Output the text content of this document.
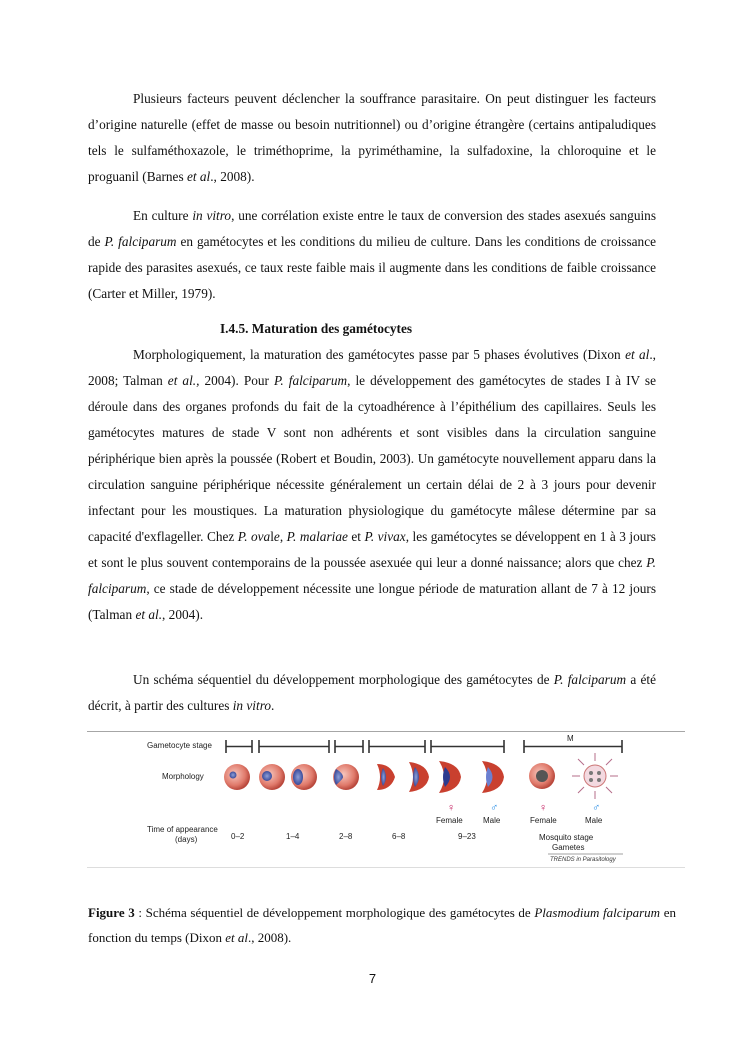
Plusieurs facteurs peuvent déclencher la souffrance parasitaire. On peut distinguer les facteurs d’origine naturelle (effet de masse ou besoin nutritionnel) ou d’origine étrangère (certains antipaludiques tels le sulfaméthoxazole, le triméthoprime, la pyriméthamine, la sulfadoxine, la chloroquine et le proguanil (Barnes et al., 2008).

En culture in vitro, une corrélation existe entre le taux de conversion des stades asexués sanguins de P. falciparum en gamétocytes et les conditions du milieu de culture. Dans les conditions de croissance rapide des parasites asexués, ce taux reste faible mais il augmente dans les conditions de faible croissance (Carter et Miller, 1979).

I.4.5. Maturation des gamétocytes

Morphologiquement, la maturation des gamétocytes passe par 5 phases évolutives (Dixon et al., 2008; Talman et al., 2004). Pour P. falciparum, le développement des gamétocytes de stades I à IV se déroule dans des organes profonds du fait de la cytoadhérence à l’épithélium des capillaires. Seuls les gamétocytes matures de stade V sont non adhérents et sont visibles dans la circulation sanguine périphérique bien après la poussée (Robert et Boudin, 2003). Un gamétocyte nouvellement apparu dans la circulation sanguine périphérique nécessite généralement un certain délai de 2 à 3 jours pour devenir infectant pour les moustiques. La maturation physiologique du gamétocyte mâlese détermine par sa capacité d'exflageller. Chez P. ovale, P. malariae et P. vivax, les gamétocytes se développent en 1 à 3 jours et sont le plus souvent contemporains de la poussée asexuée qui leur a donné naissance; alors que chez P. falciparum, ce stade de développement nécessite une longue période de maturation allant de 7 à 12 jours (Talman et al., 2004).

Un schéma séquentiel du développement morphologique des gamétocytes de P. falciparum a été décrit, à partir des cultures in vitro.

Gametocyte stage
Morphology
Time of appearance
(days)
M
♀	♂	♀	♂
Female	Male	Female	Male
0–2	1–4	2–8	6–8	9–23	Mosquito stage
Gametes
TRENDS in Parasitology

Figure 3 : Schéma séquentiel de développement morphologique des gamétocytes de Plasmodium falciparum en fonction du temps (Dixon et al., 2008).

7
